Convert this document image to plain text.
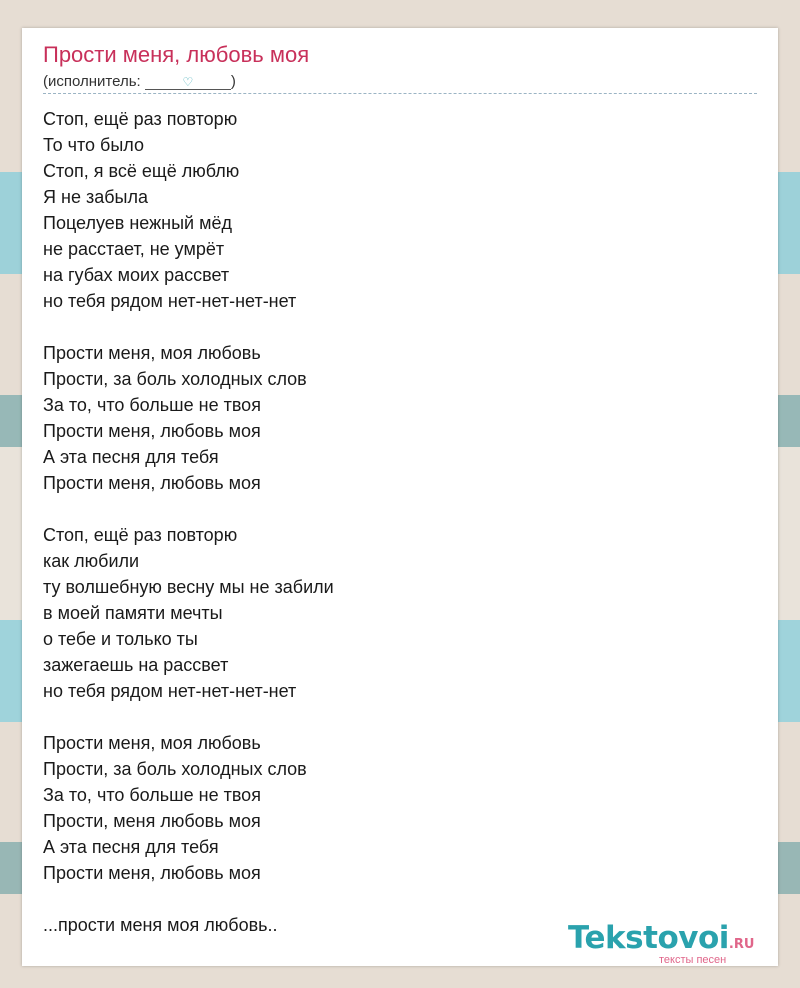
Прости меня, любовь моя
(исполнитель:	♡	)
Стоп, ещё раз повторю
То что было
Стоп, я всё ещё люблю
Я не забыла
Поцелуев нежный мёд
не расстает, не умрёт
на губах моих рассвет
но тебя рядом нет-нет-нет-нет
Прости меня, моя любовь
Прости, за боль холодных слов
За то, что больше не твоя
Прости меня, любовь моя
А эта песня для тебя
Прости меня, любовь моя
Стоп, ещё раз повторю
как любили
ту волшебную весну мы не забили
в моей памяти мечты
о тебе и только ты
зажегаешь на рассвет
но тебя рядом нет-нет-нет-нет
Прости меня, моя любовь
Прости, за боль холодных слов
За то, что больше не твоя
Прости, меня любовь моя
А эта песня для тебя
Прости меня, любовь моя
...прости меня моя любовь..	Tekstovoi.RU
тексты песен
